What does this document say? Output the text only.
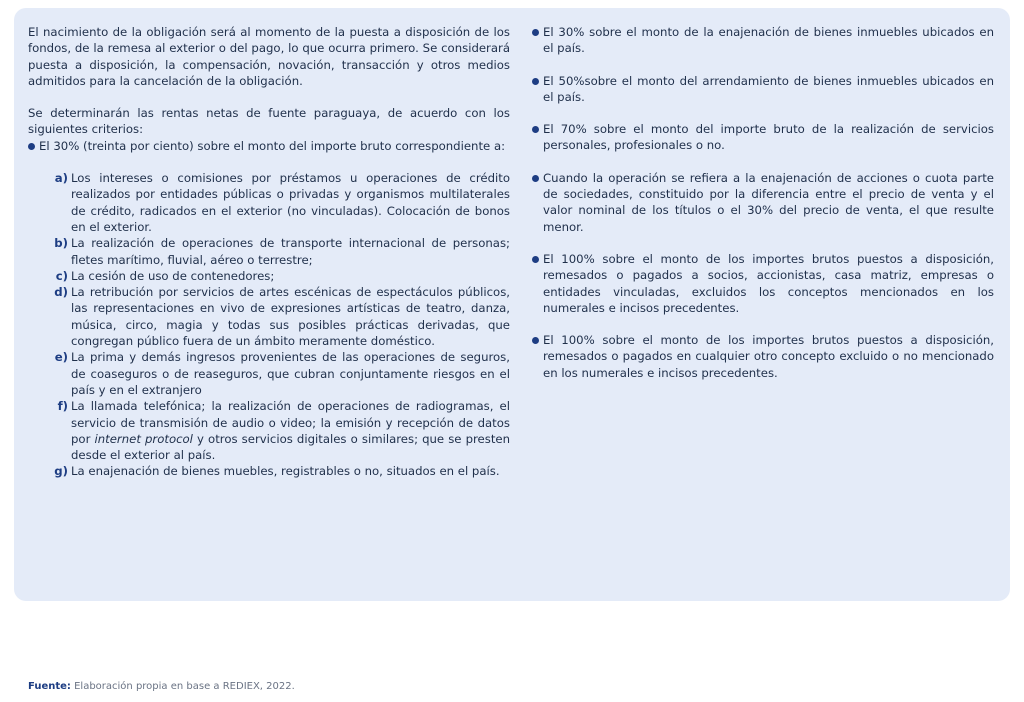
El nacimiento de la obligación será al momento de la puesta a disposición de los fondos, de la remesa al exterior o del pago, lo que ocurra primero. Se considerará puesta a disposición, la compensación, novación, transacción y otros medios admitidos para la cancelación de la obligación.

Se determinarán las rentas netas de fuente paraguaya, de acuerdo con los siguientes criterios:

El 30% (treinta por ciento) sobre el monto del importe bruto correspondiente a:
a) Los intereses o comisiones por préstamos u operaciones de crédito realizados por entidades públicas o privadas y organismos multilaterales de crédito, radicados en el exterior (no vinculadas). Colocación de bonos en el exterior.
b) La realización de operaciones de transporte internacional de personas; fletes marítimo, fluvial, aéreo o terrestre;
c) La cesión de uso de contenedores;
d) La retribución por servicios de artes escénicas de espectáculos públicos, las representaciones en vivo de expresiones artísticas de teatro, danza, música, circo, magia y todas sus posibles prácticas derivadas, que congregan público fuera de un ámbito meramente doméstico.
e) La prima y demás ingresos provenientes de las operaciones de seguros, de coaseguros o de reaseguros, que cubran conjuntamente riesgos en el país y en el extranjero
f) La llamada telefónica; la realización de operaciones de radiogramas, el servicio de transmisión de audio o video; la emisión y recepción de datos por internet protocol y otros servicios digitales o similares; que se presten desde el exterior al país.
g) La enajenación de bienes muebles, registrables o no, situados en el país.
El 30% sobre el monto de la enajenación de bienes inmuebles ubicados en el país.
El 50%sobre el monto del arrendamiento de bienes inmuebles ubicados en el país.
El 70% sobre el monto del importe bruto de la realización de servicios personales, profesionales o no.
Cuando la operación se refiera a la enajenación de acciones o cuota parte de sociedades, constituido por la diferencia entre el precio de venta y el valor nominal de los títulos o el 30% del precio de venta, el que resulte menor.
El 100% sobre el monto de los importes brutos puestos a disposición, remesados o pagados a socios, accionistas, casa matriz, empresas o entidades vinculadas, excluidos los conceptos mencionados en los numerales e incisos precedentes.
El 100% sobre el monto de los importes brutos puestos a disposición, remesados o pagados en cualquier otro concepto excluido o no mencionado en los numerales e incisos precedentes.
Fuente: Elaboración propia en base a REDIEX, 2022.
